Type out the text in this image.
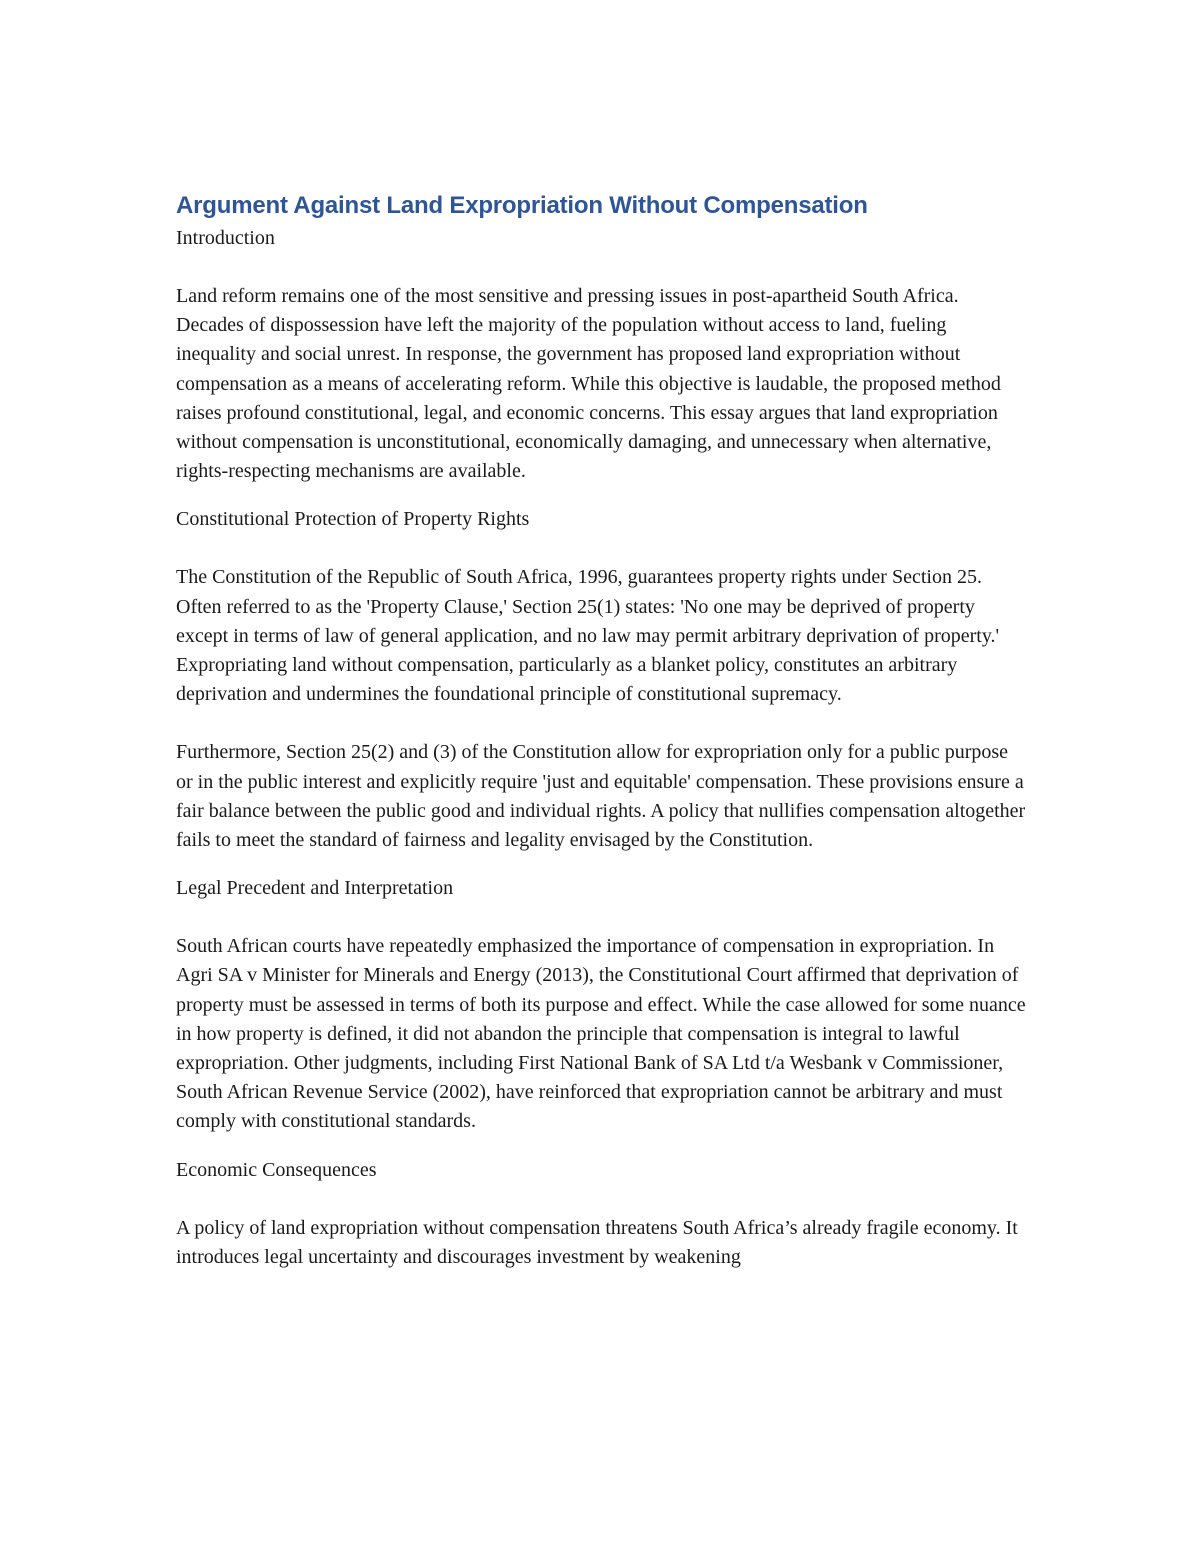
Argument Against Land Expropriation Without Compensation

Introduction

Land reform remains one of the most sensitive and pressing issues in post-apartheid South Africa. Decades of dispossession have left the majority of the population without access to land, fueling inequality and social unrest. In response, the government has proposed land expropriation without compensation as a means of accelerating reform. While this objective is laudable, the proposed method raises profound constitutional, legal, and economic concerns. This essay argues that land expropriation without compensation is unconstitutional, economically damaging, and unnecessary when alternative, rights-respecting mechanisms are available.

Constitutional Protection of Property Rights

The Constitution of the Republic of South Africa, 1996, guarantees property rights under Section 25. Often referred to as the 'Property Clause,' Section 25(1) states: 'No one may be deprived of property except in terms of law of general application, and no law may permit arbitrary deprivation of property.' Expropriating land without compensation, particularly as a blanket policy, constitutes an arbitrary deprivation and undermines the foundational principle of constitutional supremacy.

Furthermore, Section 25(2) and (3) of the Constitution allow for expropriation only for a public purpose or in the public interest and explicitly require 'just and equitable' compensation. These provisions ensure a fair balance between the public good and individual rights. A policy that nullifies compensation altogether fails to meet the standard of fairness and legality envisaged by the Constitution.

Legal Precedent and Interpretation

South African courts have repeatedly emphasized the importance of compensation in expropriation. In Agri SA v Minister for Minerals and Energy (2013), the Constitutional Court affirmed that deprivation of property must be assessed in terms of both its purpose and effect. While the case allowed for some nuance in how property is defined, it did not abandon the principle that compensation is integral to lawful expropriation. Other judgments, including First National Bank of SA Ltd t/a Wesbank v Commissioner, South African Revenue Service (2002), have reinforced that expropriation cannot be arbitrary and must comply with constitutional standards.

Economic Consequences

A policy of land expropriation without compensation threatens South Africa’s already fragile economy. It introduces legal uncertainty and discourages investment by weakening
